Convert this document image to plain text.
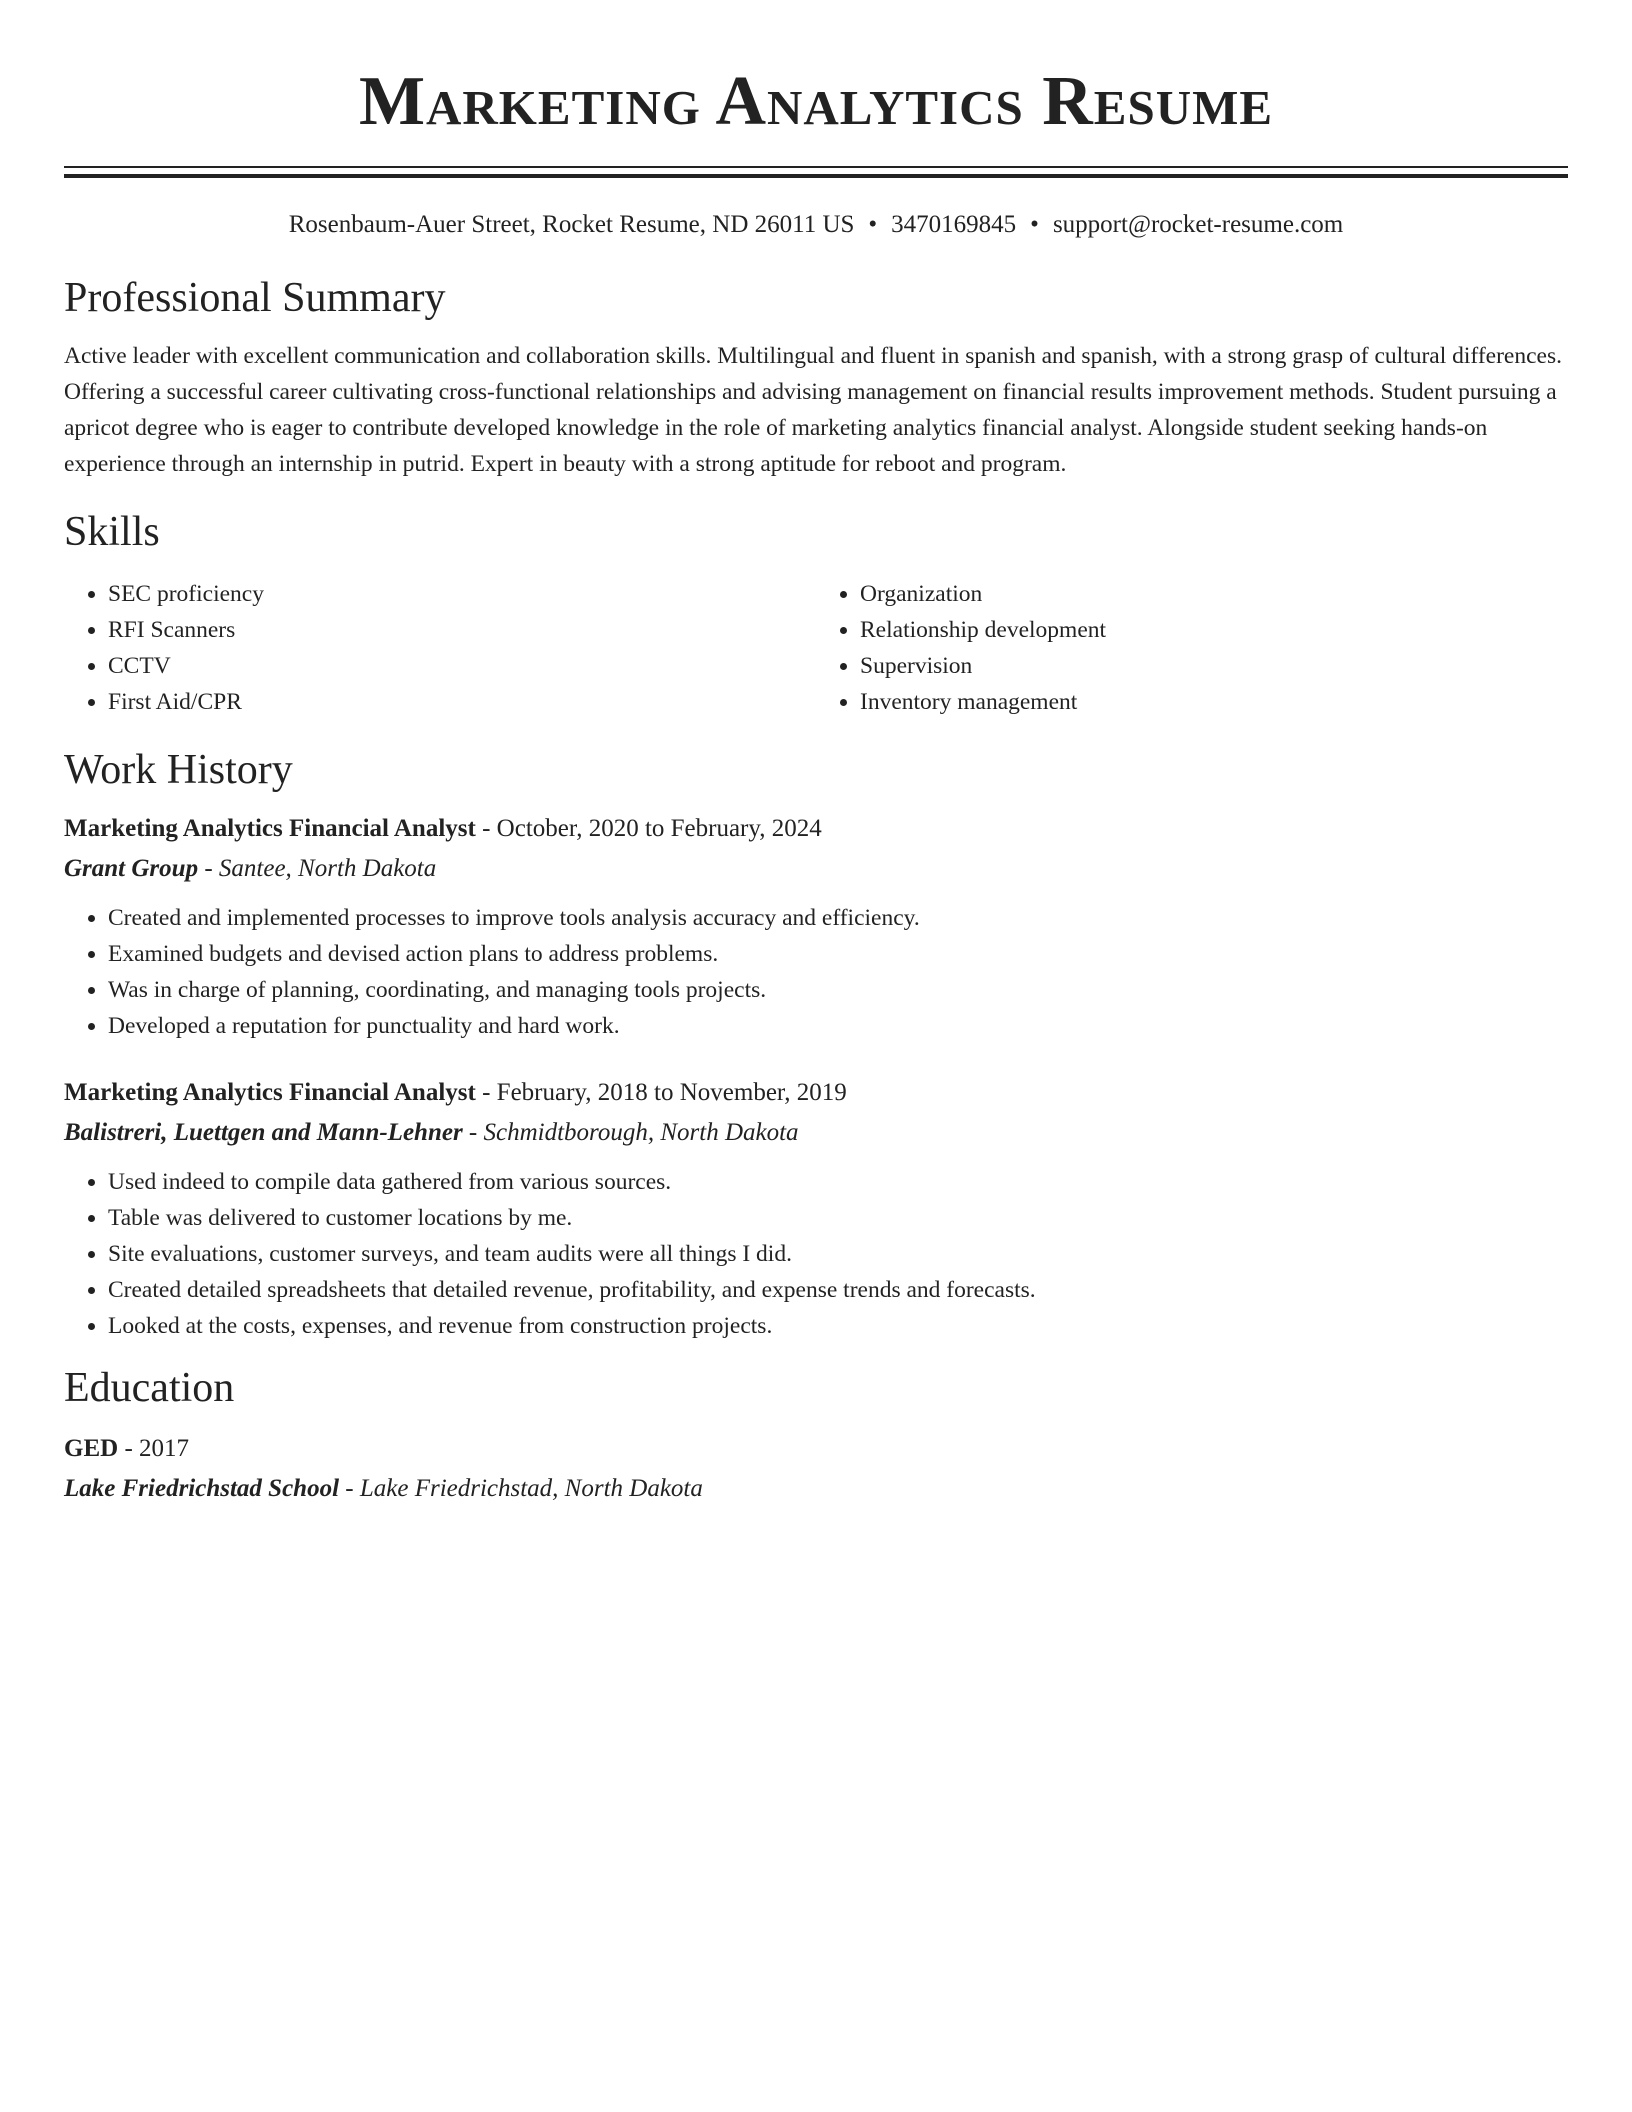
Marketing Analytics Resume
Rosenbaum-Auer Street, Rocket Resume, ND 26011 US • 3470169845 • support@rocket-resume.com
Professional Summary

Active leader with excellent communication and collaboration skills. Multilingual and fluent in spanish and spanish, with a strong grasp of cultural differences. Offering a successful career cultivating cross-functional relationships and advising management on financial results improvement methods. Student pursuing a apricot degree who is eager to contribute developed knowledge in the role of marketing analytics financial analyst. Alongside student seeking hands-on experience through an internship in putrid. Expert in beauty with a strong aptitude for reboot and program.

Skills
• SEC proficiency
• RFI Scanners
• CCTV
• First Aid/CPR
• Organization
• Relationship development
• Supervision
• Inventory management
Work History
Marketing Analytics Financial Analyst - October, 2020 to February, 2024
Grant Group - Santee, North Dakota
• Created and implemented processes to improve tools analysis accuracy and efficiency.
• Examined budgets and devised action plans to address problems.
• Was in charge of planning, coordinating, and managing tools projects.
• Developed a reputation for punctuality and hard work.
Marketing Analytics Financial Analyst - February, 2018 to November, 2019
Balistreri, Luettgen and Mann-Lehner - Schmidtborough, North Dakota
• Used indeed to compile data gathered from various sources.
• Table was delivered to customer locations by me.
• Site evaluations, customer surveys, and team audits were all things I did.
• Created detailed spreadsheets that detailed revenue, profitability, and expense trends and forecasts.
• Looked at the costs, expenses, and revenue from construction projects.
Education
GED - 2017
Lake Friedrichstad School - Lake Friedrichstad, North Dakota
